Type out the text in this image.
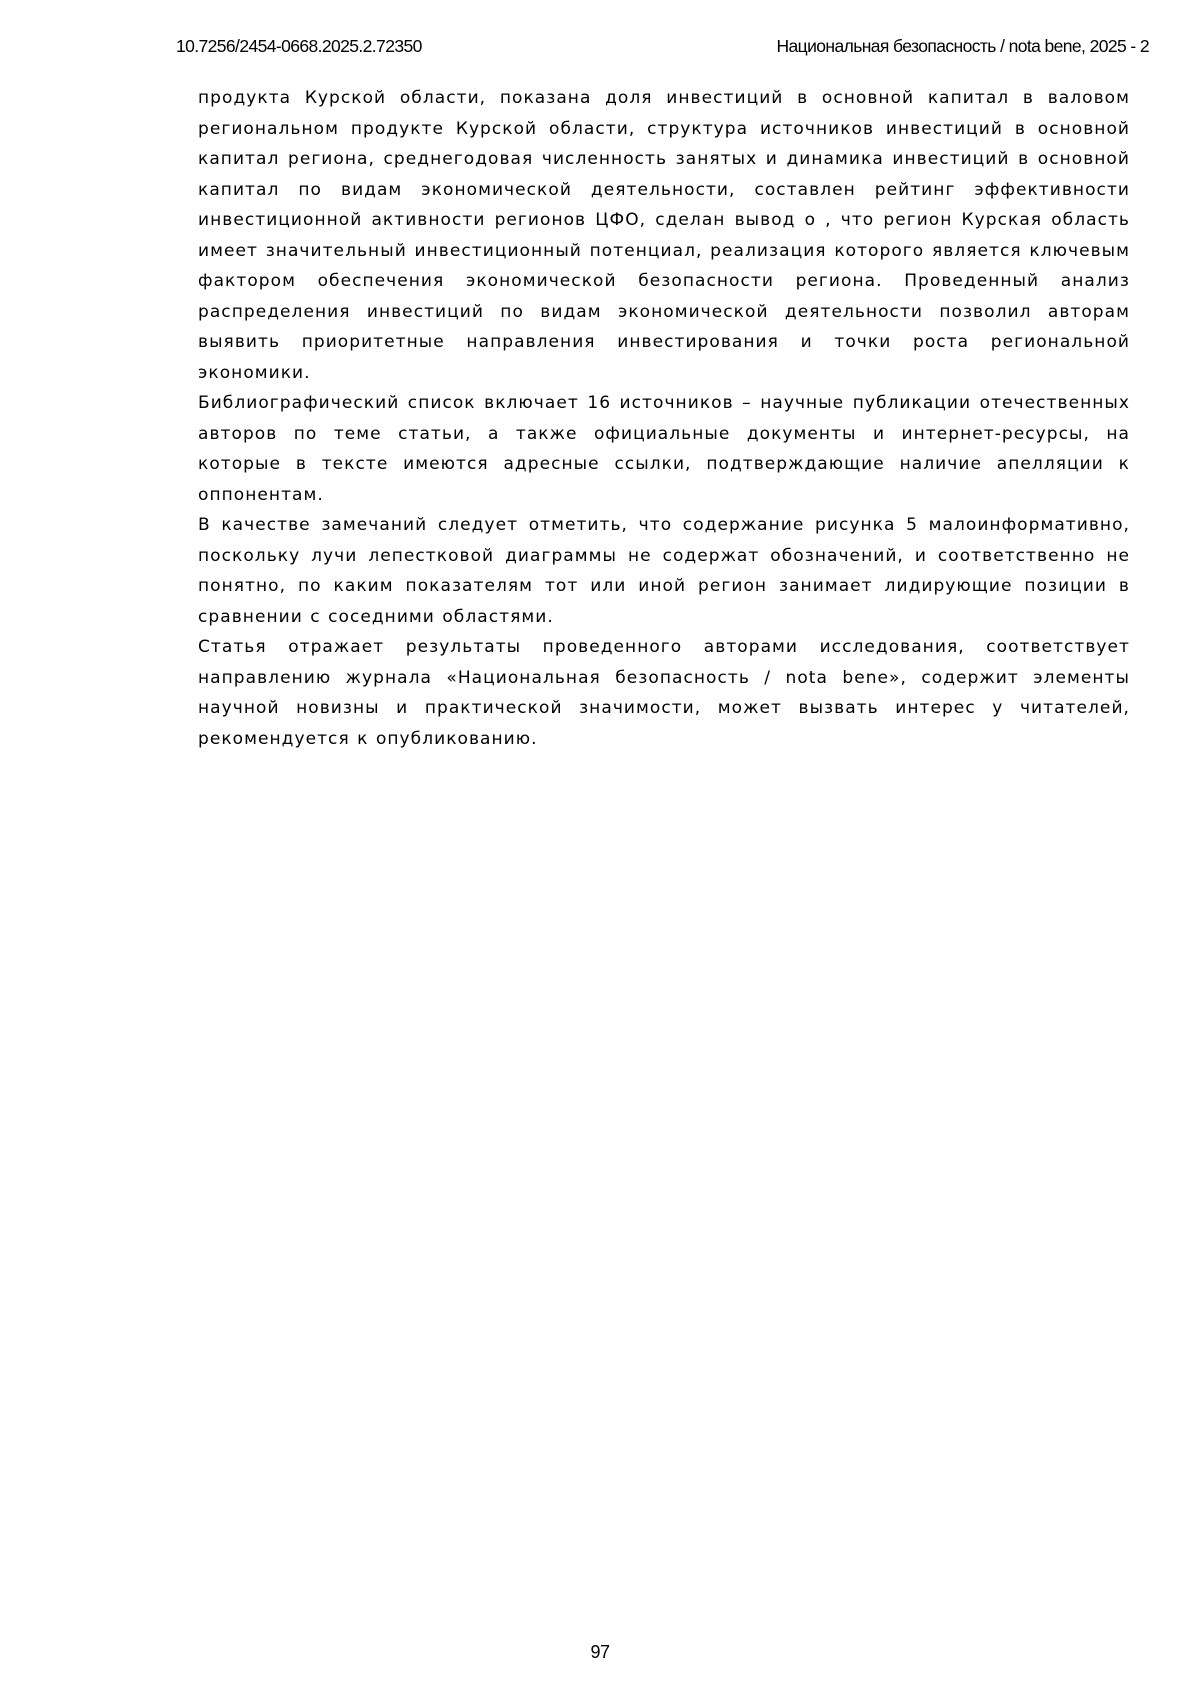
10.7256/2454-0668.2025.2.72350	Национальная безопасность / nota bene, 2025 - 2

продукта Курской области, показана доля инвестиций в основной капитал в валовом региональном продукте Курской области, структура источников инвестиций в основной капитал региона, среднегодовая численность занятых и динамика инвестиций в основной капитал по видам экономической деятельности, составлен рейтинг эффективности инвестиционной активности регионов ЦФО, сделан вывод о , что регион Курская область имеет значительный инвестиционный потенциал, реализация которого является ключевым фактором обеспечения экономической безопасности региона. Проведенный анализ распределения инвестиций по видам экономической деятельности позволил авторам выявить приоритетные направления инвестирования и точки роста региональной экономики.

Библиографический список включает 16 источников – научные публикации отечественных авторов по теме статьи, а также официальные документы и интернет-ресурсы, на которые в тексте имеются адресные ссылки, подтверждающие наличие апелляции к оппонентам.

В качестве замечаний следует отметить, что содержание рисунка 5 малоинформативно, поскольку лучи лепестковой диаграммы не содержат обозначений, и соответственно не понятно, по каким показателям тот или иной регион занимает лидирующие позиции в сравнении с соседними областями.

Статья отражает результаты проведенного авторами исследования, соответствует направлению журнала «Национальная безопасность / nota bene», содержит элементы научной новизны и практической значимости, может вызвать интерес у читателей, рекомендуется к опубликованию.

97
